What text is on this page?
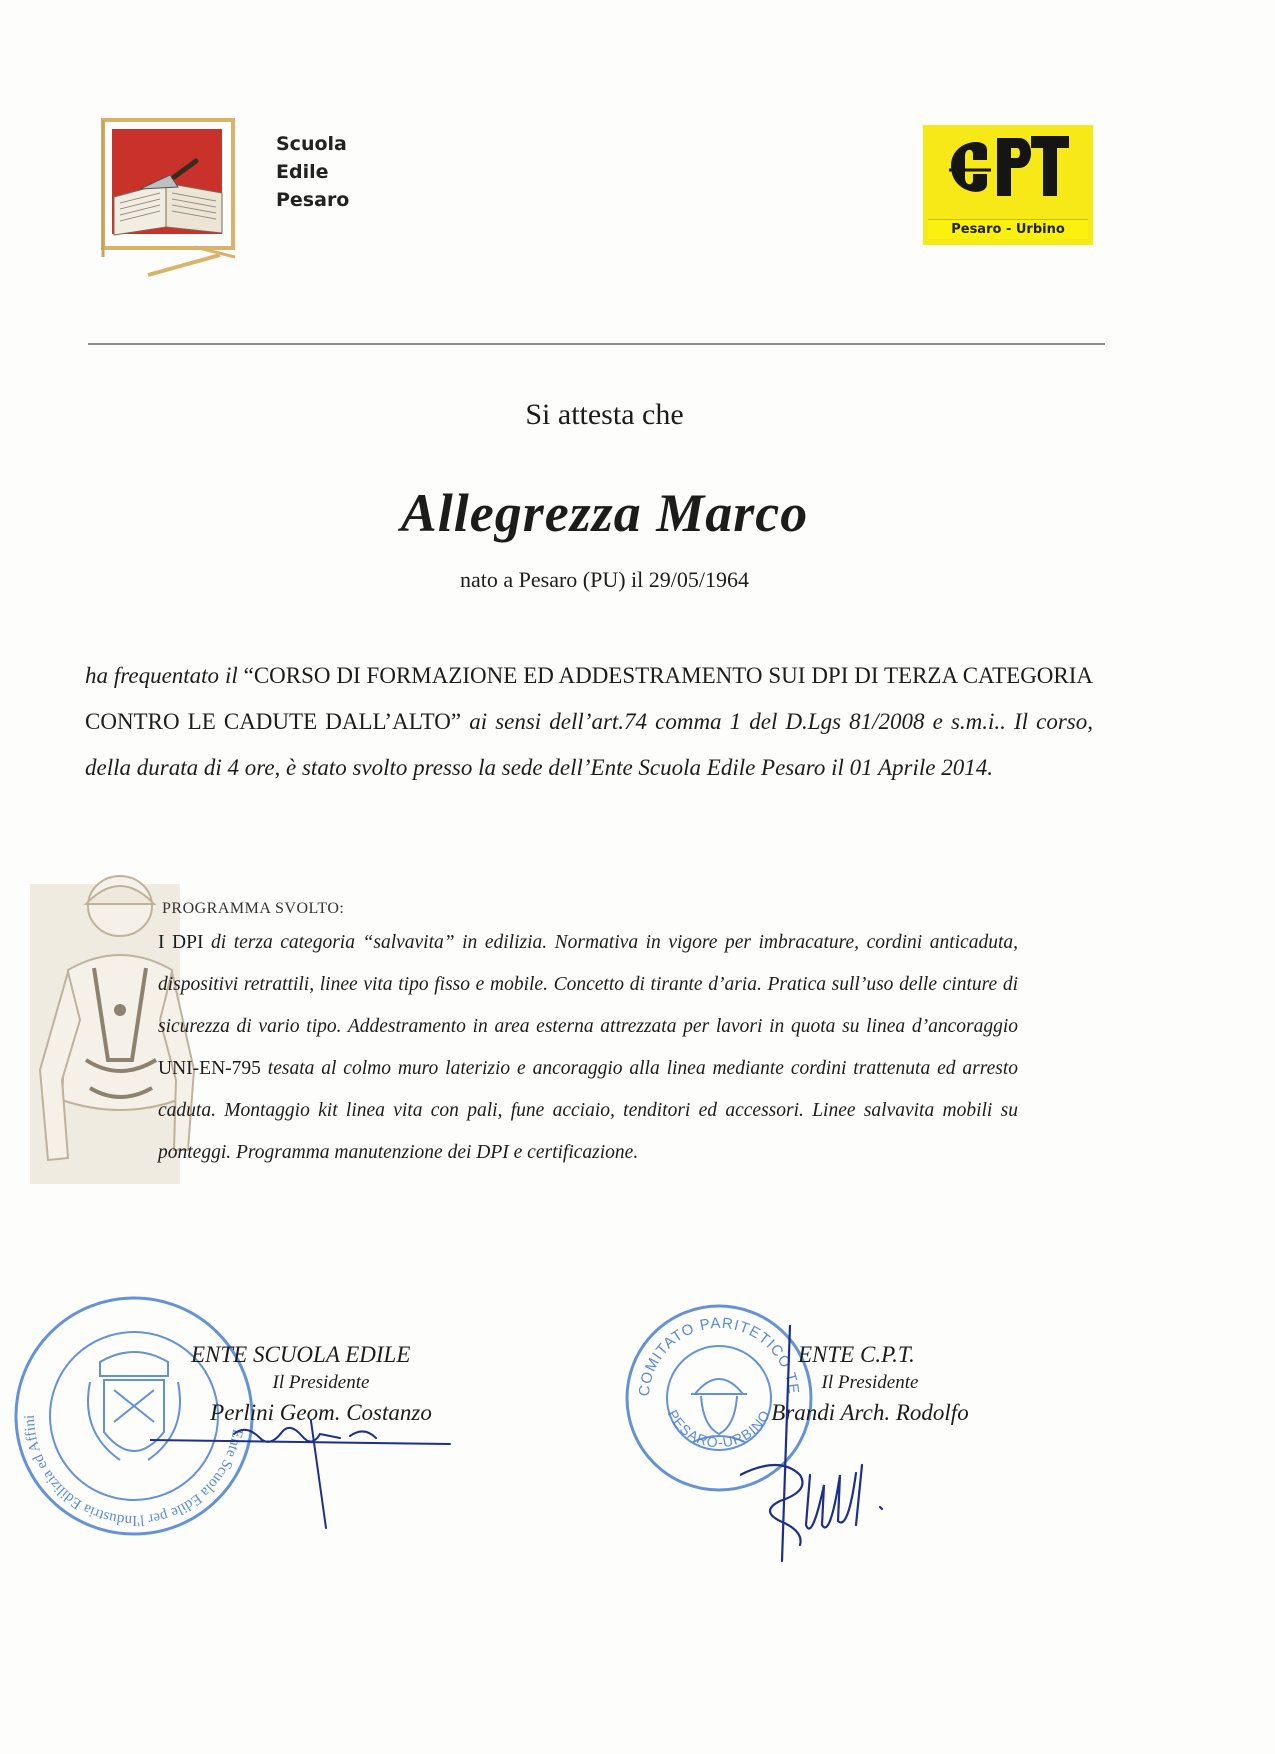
Scuola
Edile
Pesaro
Pesaro - Urbino
Si attesta che
Allegrezza Marco
nato a Pesaro (PU) il 29/05/1964
ha frequentato il “CORSO DI FORMAZIONE ED ADDESTRAMENTO SUI DPI DI TERZA CATEGORIA CONTRO LE CADUTE DALL’ALTO” ai sensi dell’art.74 comma 1 del D.Lgs 81/2008 e s.m.i.. Il corso, della durata di 4 ore, è stato svolto presso la sede dell’Ente Scuola Edile Pesaro il 01 Aprile 2014.
PROGRAMMA SVOLTO:
I DPI di terza categoria “salvavita” in edilizia. Normativa in vigore per imbracature, cordini anticaduta, dispositivi retrattili, linee vita tipo fisso e mobile. Concetto di tirante d’aria. Pratica sull’uso delle cinture di sicurezza di vario tipo. Addestramento in area esterna attrezzata per lavori in quota su linea d’ancoraggio UNI-EN-795 tesata al colmo muro laterizio e ancoraggio alla linea mediante cordini trattenuta ed arresto caduta. Montaggio kit linea vita con pali, fune acciaio, tenditori ed accessori. Linee salvavita mobili su ponteggi. Programma manutenzione dei DPI e certificazione.
Ente Scuola Edile per l'Industria Edilizia ed Affini
ENTE SCUOLA EDILE
Il Presidente
Perlini Geom. Costanzo
COMITATO PARITETICO TE
PESARO-URBINO
ENTE C.P.T.
Il Presidente
Brandi Arch. Rodolfo
